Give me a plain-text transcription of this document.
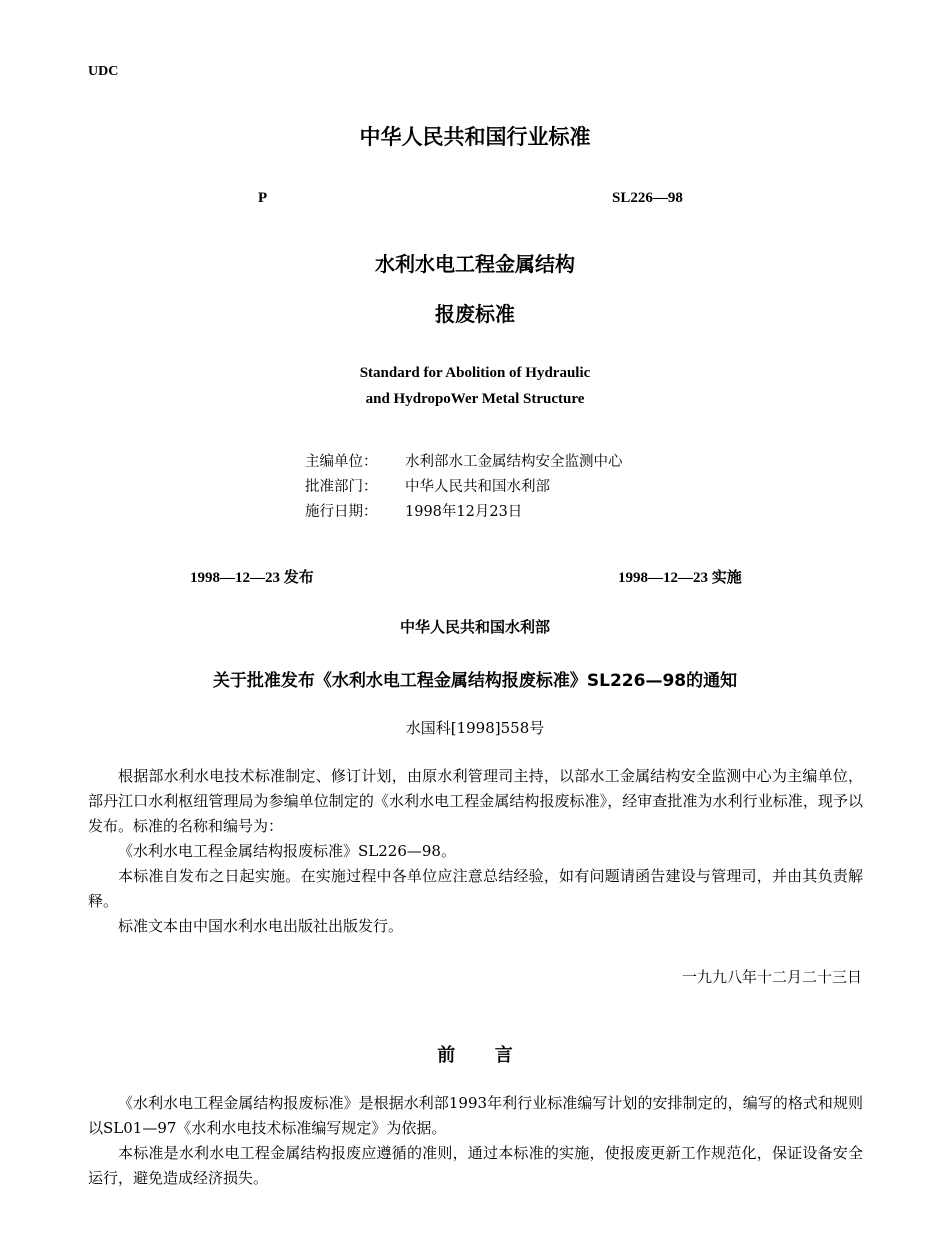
UDC
中华人民共和国行业标准
P	SL226—98
水利水电工程金属结构
报废标准
Standard for Abolition of Hydraulic
and HydropoWer Metal Structure
主编单位： 水利部水工金属结构安全监测中心
批准部门： 中华人民共和国水利部
施行日期： 1998年12月23日
1998—12—23 发布	1998—12—23 实施
中华人民共和国水利部
关于批准发布《水利水电工程金属结构报废标准》SL226—98的通知
水国科[1998]558号

根据部水利水电技术标准制定、修订计划，由原水利管理司主持，以部水工金属结构安全监测中心为主编单位，部丹江口水利枢纽管理局为参编单位制定的《水利水电工程金属结构报废标准》，经审查批准为水利行业标准，现予以发布。标准的名称和编号为：

《水利水电工程金属结构报废标准》SL226—98。

本标准自发布之日起实施。在实施过程中各单位应注意总结经验，如有问题请函告建设与管理司，并由其负责解释。

标准文本由中国水利水电出版社出版发行。

一九九八年十二月二十三日
前言

《水利水电工程金属结构报废标准》是根据水利部1993年利行业标准编写计划的安排制定的，编写的格式和规则以SL01—97《水利水电技术标准编写规定》为依据。

本标准是水利水电工程金属结构报废应遵循的准则，通过本标准的实施，使报废更新工作规范化，保证设备安全运行，避免造成经济损失。
